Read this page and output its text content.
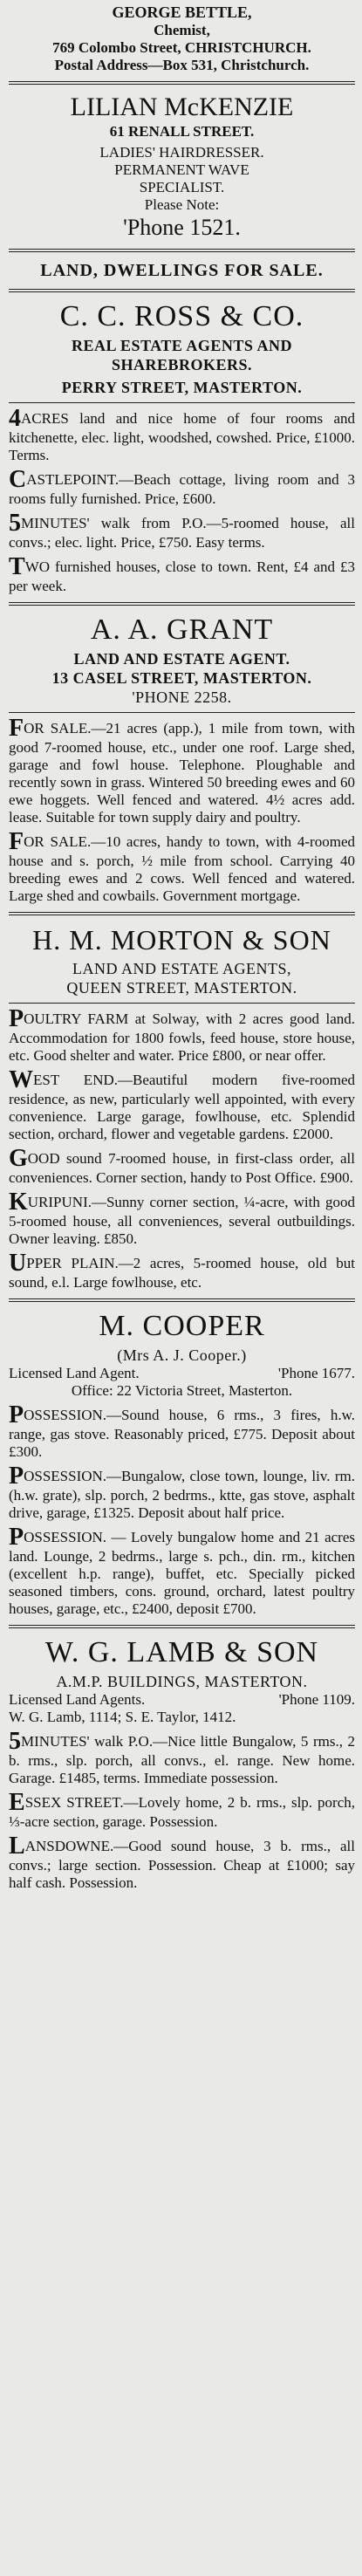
GEORGE BETTLE,
Chemist,
769 Colombo Street, CHRISTCHURCH.
Postal Address—Box 531, Christchurch.
LILIAN McKENZIE
61 RENALL STREET.
LADIES' HAIRDRESSER.
PERMANENT WAVE
SPECIALIST.
Please Note:
'Phone 1521.
LAND, DWELLINGS FOR SALE.
C. C. ROSS & CO.
REAL ESTATE AGENTS AND SHAREBROKERS.
PERRY STREET, MASTERTON.
4ACRES land and nice home of four rooms and kitchenette, elec. light, woodshed, cowshed. Price, £1000. Terms.
CASTLEPOINT.—Beach cottage, living room and 3 rooms fully furnished. Price, £600.
5MINUTES' walk from P.O.—5-roomed house, all convs.; elec. light. Price, £750. Easy terms.
TWO furnished houses, close to town. Rent, £4 and £3 per week.
A. A. GRANT
LAND AND ESTATE AGENT.
13 CASEL STREET, MASTERTON.
'PHONE 2258.
FOR SALE.—21 acres (app.), 1 mile from town, with good 7-roomed house, etc., under one roof. Large shed, garage and fowl house. Telephone. Ploughable and recently sown in grass. Wintered 50 breeding ewes and 60 ewe hoggets. Well fenced and watered. 4½ acres add. lease. Suitable for town supply dairy and poultry.
FOR SALE.—10 acres, handy to town, with 4-roomed house and s. porch, ½ mile from school. Carrying 40 breeding ewes and 2 cows. Well fenced and watered. Large shed and cowbails. Government mortgage.
H. M. MORTON & SON
LAND AND ESTATE AGENTS,
QUEEN STREET, MASTERTON.
POULTRY FARM at Solway, with 2 acres good land. Accommodation for 1800 fowls, feed house, store house, etc. Good shelter and water. Price £800, or near offer.
WEST END.—Beautiful modern five-roomed residence, as new, particularly well appointed, with every convenience. Large garage, fowlhouse, etc. Splendid section, orchard, flower and vegetable gardens. £2000.
GOOD sound 7-roomed house, in first-class order, all conveniences. Corner section, handy to Post Office. £900.
KURIPUNI.—Sunny corner section, ¼-acre, with good 5-roomed house, all conveniences, several outbuildings. Owner leaving. £850.
UPPER PLAIN.—2 acres, 5-roomed house, old but sound, e.l. Large fowlhouse, etc.
M. COOPER
(Mrs A. J. Cooper.)
Licensed Land Agent.	'Phone 1677.
Office: 22 Victoria Street, Masterton.
POSSESSION.—Sound house, 6 rms., 3 fires, h.w. range, gas stove. Reasonably priced, £775. Deposit about £300.
POSSESSION.—Bungalow, close town, lounge, liv. rm. (h.w. grate), slp. porch, 2 bedrms., ktte, gas stove, asphalt drive, garage, £1325. Deposit about half price.
POSSESSION. — Lovely bungalow home and 21 acres land. Lounge, 2 bedrms., large s. pch., din. rm., kitchen (excellent h.p. range), buffet, etc. Specially picked seasoned timbers, cons. ground, orchard, latest poultry houses, garage, etc., £2400, deposit £700.
W. G. LAMB & SON
A.M.P. BUILDINGS, MASTERTON.
Licensed Land Agents.	'Phone 1109.
W. G. Lamb, 1114; S. E. Taylor, 1412.
5MINUTES' walk P.O.—Nice little Bungalow, 5 rms., 2 b. rms., slp. porch, all convs., el. range. New home. Garage. £1485, terms. Immediate possession.
ESSEX STREET.—Lovely home, 2 b. rms., slp. porch, ⅓-acre section, garage. Possession.
LANSDOWNE.—Good sound house, 3 b. rms., all convs.; large section. Possession. Cheap at £1000; say half cash. Possession.
